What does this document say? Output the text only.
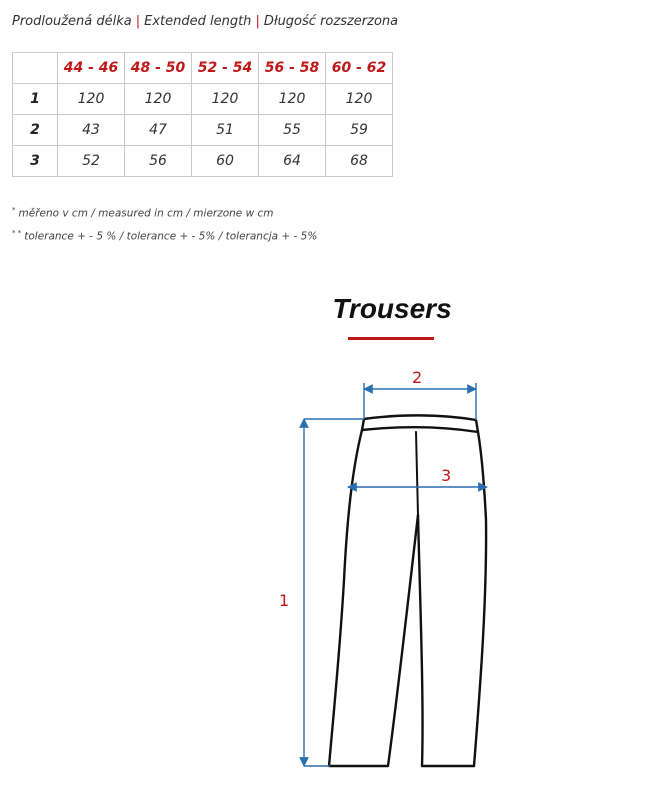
Prodloužená délka | Extended length | Długość rozszerzona
	44 - 46	48 - 50	52 - 54	56 - 58	60 - 62
1	120	120	120	120	120
2	43	47	51	55	59
3	52	56	60	64	68
* měřeno v cm / measured in cm / mierzone w cm
* * tolerance + - 5 % / tolerance + - 5% / tolerancja + - 5%
Trousers
1
2
3
